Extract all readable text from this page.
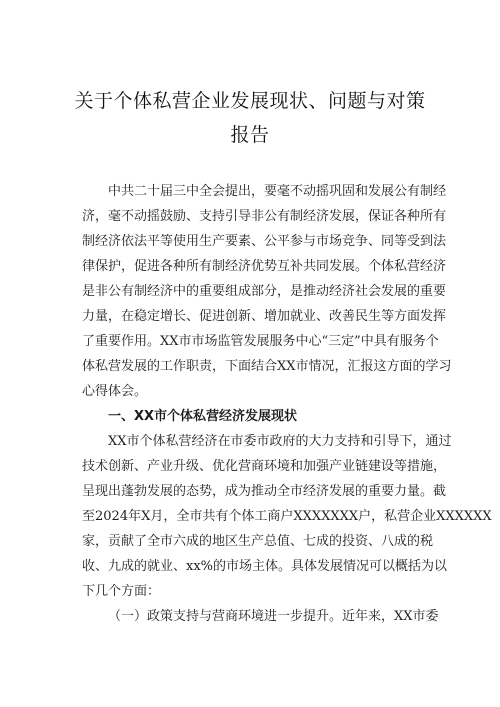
关于个体私营企业发展现状、问题与对策
报告
中共二十届三中全会提出，要毫不动摇巩固和发展公有制经
济，毫不动摇鼓励、支持引导非公有制经济发展，保证各种所有
制经济依法平等使用生产要素、公平参与市场竞争、同等受到法
律保护，促进各种所有制经济优势互补共同发展。个体私营经济
是非公有制经济中的重要组成部分，是推动经济社会发展的重要
力量，在稳定增长、促进创新、增加就业、改善民生等方面发挥
了重要作用。XX市市场监管发展服务中心“三定”中具有服务个
体私营发展的工作职责，下面结合XX市情况，汇报这方面的学习
心得体会。
一、XX市个体私营经济发展现状
XX市个体私营经济在市委市政府的大力支持和引导下，通过
技术创新、产业升级、优化营商环境和加强产业链建设等措施，
呈现出蓬勃发展的态势，成为推动全市经济发展的重要力量。截
至2024年X月，全市共有个体工商户XXXXXXX户，私营企业XXXXXX
家，贡献了全市六成的地区生产总值、七成的投资、八成的税
收、九成的就业、xx%的市场主体。具体发展情况可以概括为以
下几个方面：
（一）政策支持与营商环境进一步提升。近年来，XX市委
